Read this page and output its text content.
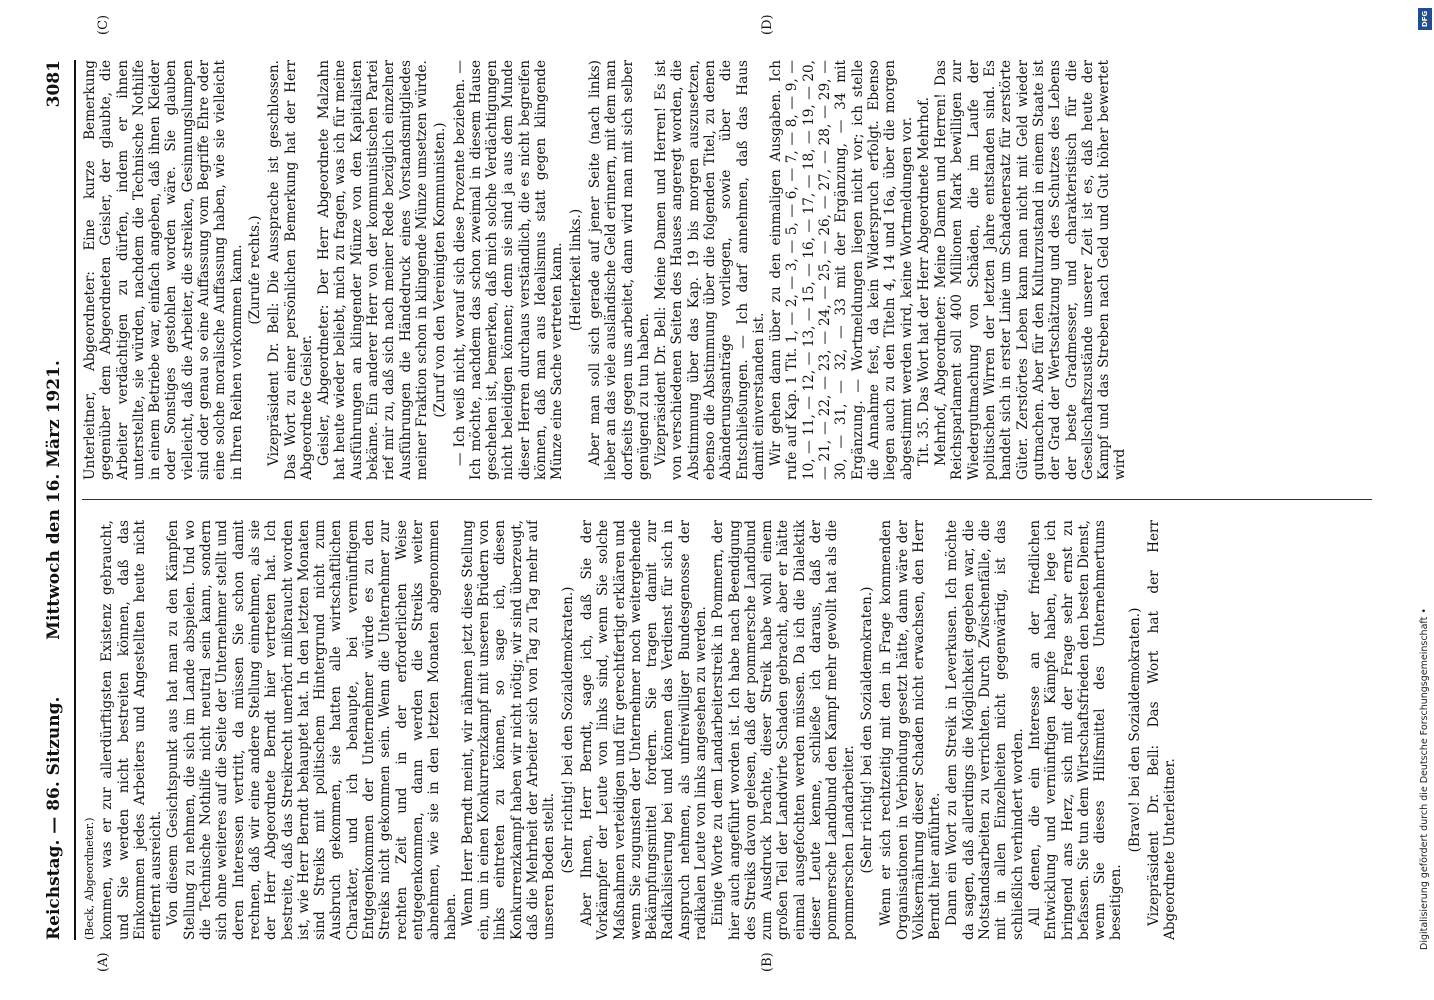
Reichstag. — 86. Sitzung.
Mittwoch den 16. März 1921.
3081
(A)	(B)
(C)	(D)

(Beck, Abgeordneter.) kommen, was er zur allerdürftigsten Existenz gebraucht, und Sie werden nicht bestreiten können, daß das Einkommen jedes Arbeiters und Angestellten heute nicht entfernt ausreicht. Von diesem Gesichtspunkt aus hat man zu den Kämpfen Stellung zu nehmen, die sich im Lande abspielen. Und wo die Technische Nothilfe nicht neutral sein kann, sondern sich ohne weiteres auf die Seite der Unternehmer stellt und deren Interessen vertritt, da müssen Sie schon damit rechnen, daß wir eine andere Stellung einnehmen, als sie der Herr Abgeordnete Berndt hier vertreten hat. Ich bestreite, daß das Streikrecht unerhört mißbraucht worden ist, wie Herr Berndt behauptet hat. In den letzten Monaten sind Streiks mit politischem Hintergrund nicht zum Ausbruch gekommen, sie hatten alle wirtschaftlichen Charakter, und ich behaupte, bei vernünftigem Entgegenkommen der Unternehmer würde es zu den Streiks nicht gekommen sein. Wenn die Unternehmer zur rechten Zeit und in der erforderlichen Weise entgegenkommen, dann werden die Streiks weiter abnehmen, wie sie in den letzten Monaten abgenommen haben. Wenn Herr Berndt meint, wir nähmen jetzt diese Stellung ein, um in einen Konkurrenzkampf mit unseren Brüdern von links eintreten zu können, so sage ich, diesen Konkurrenzkampf haben wir nicht nötig; wir sind überzeugt, daß die Mehrheit der Arbeiter sich von Tag zu Tag mehr auf unseren Boden stellt. (Sehr richtig! bei den Sozialdemokraten.) Aber Ihnen, Herr Berndt, sage ich, daß Sie der Vorkämpfer der Leute von links sind, wenn Sie solche Maßnahmen verteidigen und für gerechtfertigt erklären und wenn Sie zugunsten der Unternehmer noch weitergehende Bekämpfungsmittel fordern. Sie tragen damit zur Radikalisierung bei und können das Verdienst für sich in Anspruch nehmen, als unfreiwilliger Bundesgenosse der radikalen Leute von links angesehen zu werden. Einige Worte zu dem Landarbeiterstreik in Pommern, der hier auch angeführt worden ist. Ich habe nach Beendigung des Streiks davon gelesen, daß der pommersche Landbund zum Ausdruck brachte, dieser Streik habe wohl einem großen Teil der Landwirte Schaden gebracht, aber er hätte einmal ausgefochten werden müssen. Da ich die Dialektik dieser Leute kenne, schließe ich daraus, daß der pommersche Landbund den Kampf mehr gewollt hat als die pommerschen Landarbeiter. (Sehr richtig! bei den Sozialdemokraten.) Wenn er sich rechtzeitig mit den in Frage kommenden Organisationen in Verbindung gesetzt hätte, dann wäre der Volksernährung dieser Schaden nicht erwachsen, den Herr Berndt hier anführte. Dann ein Wort zu dem Streik in Leverkusen. Ich möchte da sagen, daß allerdings die Möglichkeit gegeben war, die Notstandsarbeiten zu verrichten. Durch Zwischenfälle, die mit in allen Einzelheiten nicht gegenwärtig, ist das schließlich verhindert worden. All denen, die ein Interesse an der friedlichen Entwicklung und vernünftigen Kämpfe haben, lege ich bringend ans Herz, sich mit der Frage sehr ernst zu befassen. Sie tun dem Wirtschaftsfrieden den besten Dienst, wenn Sie dieses Hilfsmittel des Unternehmertums beseitigen.

(Bravo! bei den Sozialdemokraten.) Vizepräsident Dr. Bell: Das Wort hat der Herr Abgeordnete Unterleitner.

Unterleitner, Abgeordneter: Eine kurze Bemerkung gegenüber dem Abgeordneten Geisler, der glaubte, die Arbeiter verdächtigen zu dürfen, indem er ihnen unterstellte, sie würden, nachdem die Technische Nothilfe in einem Betriebe war, einfach angeben, daß ihnen Kleider oder Sonstiges gestohlen worden wäre. Sie glauben vielleicht, daß die Arbeiter, die streiken, Gesinnungslumpen sind oder genau so eine Auffassung vom Begriffe Ehre oder eine solche moralische Auffassung haben, wie sie vielleicht in Ihren Reihen vorkommen kann. (Zurufe rechts.) Vizepräsident Dr. Bell: Die Aussprache ist geschlossen. Das Wort zu einer persönlichen Bemerkung hat der Herr Abgeordnete Geisler. Geisler, Abgeordneter: Der Herr Abgeordnete Malzahn hat heute wieder beliebt, mich zu fragen, was ich für meine Ausführungen an klingender Münze von den Kapitalisten bekäme. Ein anderer Herr von der kommunistischen Partei rief mir zu, daß sich nach meiner Rede bezüglich einzelner Ausführungen die Händedruck eines Vorstandsmitgliedes meiner Fraktion schon in klingende Münze umsetzen würde. (Zuruf von den Vereinigten Kommunisten.) — Ich weiß nicht, worauf sich diese Prozente beziehen. — Ich möchte, nachdem das schon zweimal in diesem Hause geschehen ist, bemerken, daß mich solche Verdächtigungen nicht beleidigen können; denn sie sind ja aus dem Munde dieser Herren durchaus verständlich, die es nicht begreifen können, daß man aus Idealismus statt gegen klingende Münze eine Sache vertreten kann. (Heiterkeit links.) Aber man soll sich gerade auf jener Seite (nach links) lieber an das viele ausländische Geld erinnern, mit dem man dorfseits gegen uns arbeitet, dann wird man mit sich selber genügend zu tun haben. Vizepräsident Dr. Bell: Meine Damen und Herren! Es ist von verschiedenen Seiten des Hauses angeregt worden, die Abstimmung über das Kap. 19 bis morgen auszusetzen, ebenso die Abstimmung über die folgenden Titel, zu denen Abänderungsanträge vorliegen, sowie über die Entschließungen. — Ich darf annehmen, daß das Haus damit einverstanden ist. Wir gehen dann über zu den einmaligen Ausgaben. Ich rufe auf Kap. 1 Tit. 1, — 2, — 3, — 5, — 6, — 7, — 8, — 9, — 10, — 11, — 12, — 13, — 15, — 16, — 17, — 18, — 19, — 20, — 21, — 22, — 23, — 24, — 25, — 26, — 27, — 28, — 29, — 30, — 31, — 32, — 33 mit der Ergänzung, — 34 mit Ergänzung. — Wortmeldungen liegen nicht vor; ich stelle die Annahme fest, da kein Widerspruch erfolgt. Ebenso liegen auch zu den Titeln 4, 14 und 16a, über die morgen abgestimmt werden wird, keine Wortmeldungen vor. Tit. 35. Das Wort hat der Herr Abgeordnete Mehrhof. Mehrhof, Abgeordneter: Meine Damen und Herren! Das Reichsparlament soll 400 Millionen Mark bewilligen zur Wiedergutmachung von Schäden, die im Laufe der politischen Wirren der letzten Jahre entstanden sind. Es handelt sich in erster Linie um Schadenersatz für zerstörte Güter. Zerstörtes Leben kann man nicht mit Geld wieder gutmachen. Aber für den Kulturzustand in einem Staate ist der Grad der Wertschätzung und des Schutzes des Lebens der beste Gradmesser, und charakteristisch für die Gesellschaftszustände unserer Zeit ist es, daß heute der Kampf und das Streben nach Geld und Gut höher bewertet wird

DFG
Digitalisierung gefördert durch die Deutsche Forschungsgemeinschaft •
